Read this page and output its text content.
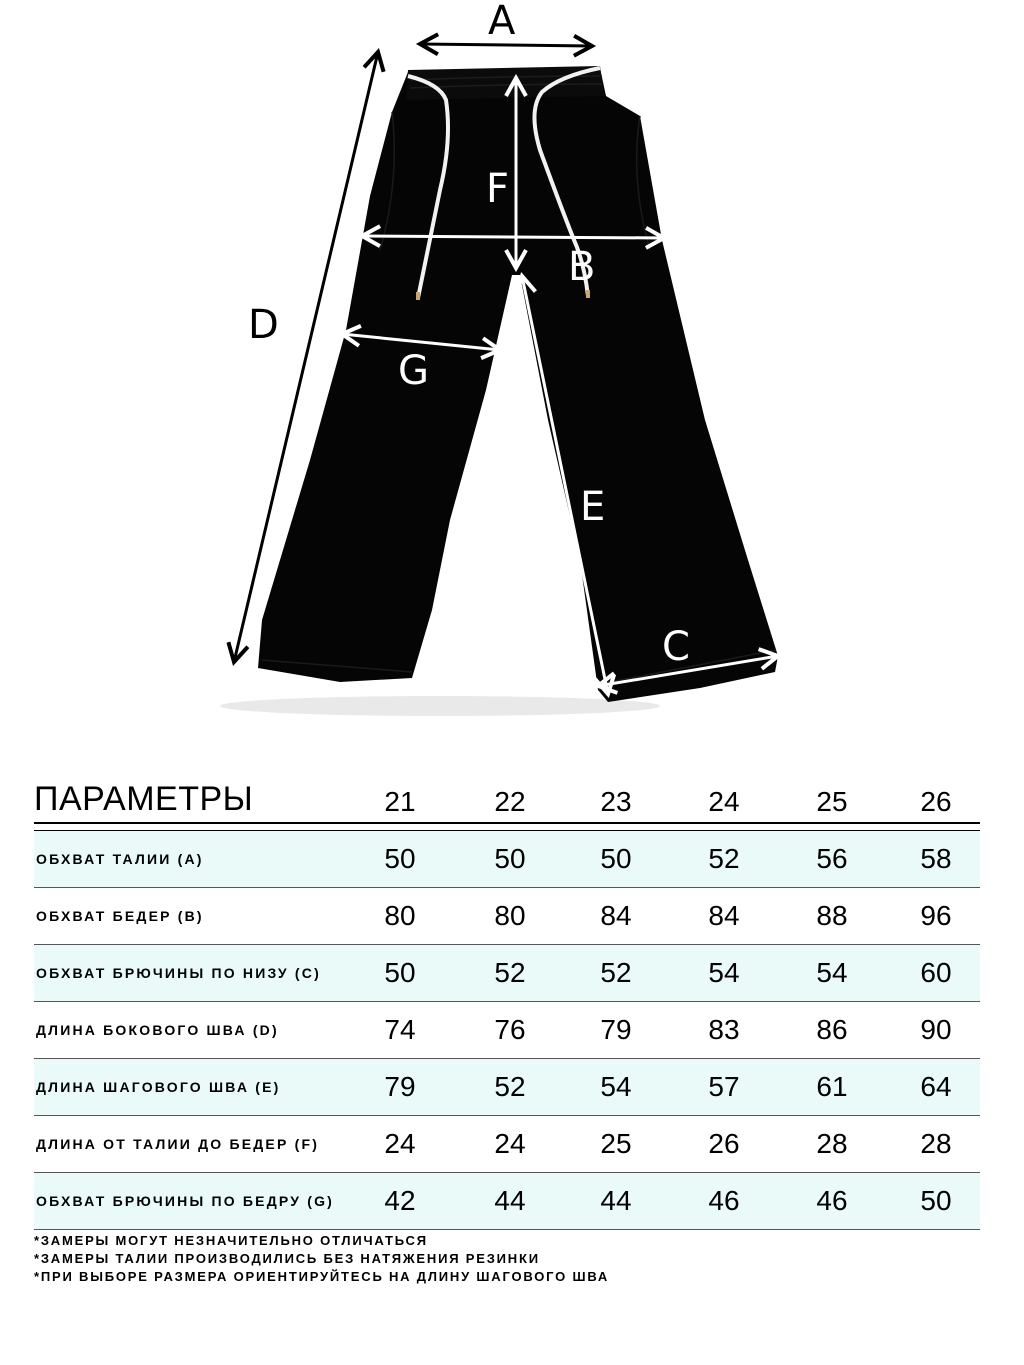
A
F
B
D
G
E
C
ПАРАМЕТРЫ	21	22	23	24	25	26
ОБХВАТ ТАЛИИ (A)	50	50	50	52	56	58
ОБХВАТ БЕДЕР (B)	80	80	84	84	88	96
ОБХВАТ БРЮЧИНЫ ПО НИЗУ (C)	50	52	52	54	54	60
ДЛИНА БОКОВОГО ШВА (D)	74	76	79	83	86	90
ДЛИНА ШАГОВОГО ШВА (E)	79	52	54	57	61	64
ДЛИНА ОТ ТАЛИИ ДО БЕДЕР (F)	24	24	25	26	28	28
ОБХВАТ БРЮЧИНЫ ПО БЕДРУ (G)	42	44	44	46	46	50
*ЗАМЕРЫ МОГУТ НЕЗНАЧИТЕЛЬНО ОТЛИЧАТЬСЯ
*ЗАМЕРЫ ТАЛИИ ПРОИЗВОДИЛИСЬ БЕЗ НАТЯЖЕНИЯ РЕЗИНКИ
*ПРИ ВЫБОРЕ РАЗМЕРА ОРИЕНТИРУЙТЕСЬ НА ДЛИНУ ШАГОВОГО ШВА
